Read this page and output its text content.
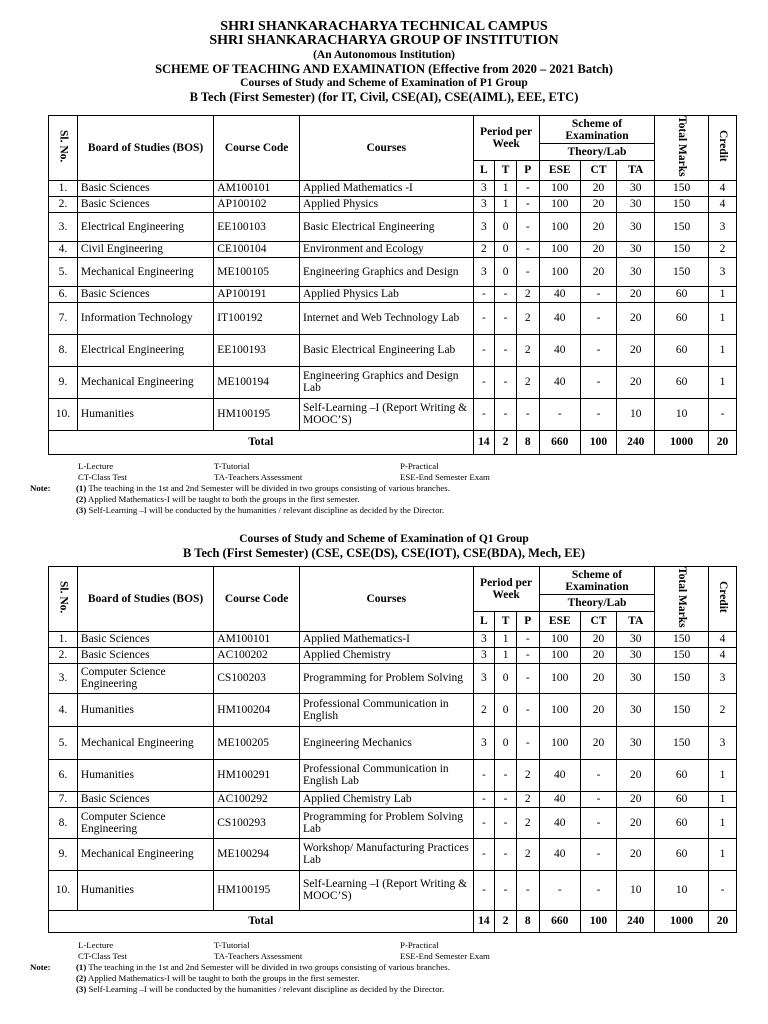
SHRI SHANKARACHARYA TECHNICAL CAMPUS
SHRI SHANKARACHARYA GROUP OF INSTITUTION
(An Autonomous Institution)
SCHEME OF TEACHING AND EXAMINATION (Effective from 2020 – 2021 Batch)
Courses of Study and Scheme of Examination of P1 Group
B Tech (First Semester) (for IT, Civil, CSE(AI), CSE(AIML), EEE, ETC)
Sl. No.	Board of Studies (BOS)	Course Code	Courses	Period per Week			Scheme of Examination			Total Marks	Credit
							Theory/Lab				
				L	T	P	ESE	CT	TA		
1.	Basic Sciences	AM100101	Applied Mathematics -I	3	1	-	100	20	30	150	4
2.	Basic Sciences	AP100102	Applied Physics	3	1	-	100	20	30	150	4
3.	Electrical Engineering	EE100103	Basic Electrical Engineering	3	0	-	100	20	30	150	3
4.	Civil Engineering	CE100104	Environment and Ecology	2	0	-	100	20	30	150	2
5.	Mechanical Engineering	ME100105	Engineering Graphics and Design	3	0	-	100	20	30	150	3
6.	Basic Sciences	AP100191	Applied Physics Lab	-	-	2	40	-	20	60	1
7.	Information Technology	IT100192	Internet and Web Technology Lab	-	-	2	40	-	20	60	1
8.	Electrical Engineering	EE100193	Basic Electrical Engineering Lab	-	-	2	40	-	20	60	1
9.	Mechanical Engineering	ME100194	Engineering Graphics and Design Lab	-	-	2	40	-	20	60	1
10.	Humanities	HM100195	Self-Learning –I (Report Writing & MOOC’S)	-	-	-	-	-	10	10	-
Total				14	2	8	660	100	240	1000	20
L-Lecture	T-Tutorial	P-Practical
CT-Class Test	TA-Teachers Assessment	ESE-End Semester Exam
Note:	(1) The teaching in the 1st and 2nd Semester will be divided in two groups consisting of various branches.
(2) Applied Mathematics-I will be taught to both the groups in the first semester.
(3) Self-Learning –I will be conducted by the humanities / relevant discipline as decided by the Director.
Courses of Study and Scheme of Examination of Q1 Group
B Tech (First Semester) (CSE, CSE(DS), CSE(IOT), CSE(BDA), Mech, EE)
Sl. No.	Board of Studies (BOS)	Course Code	Courses	Period per Week			Scheme of Examination			Total Marks	Credit
							Theory/Lab				
				L	T	P	ESE	CT	TA		
1.	Basic Sciences	AM100101	Applied Mathematics-I	3	1	-	100	20	30	150	4
2.	Basic Sciences	AC100202	Applied Chemistry	3	1	-	100	20	30	150	4
3.	Computer Science Engineering	CS100203	Programming for Problem Solving	3	0	-	100	20	30	150	3
4.	Humanities	HM100204	Professional Communication in English	2	0	-	100	20	30	150	2
5.	Mechanical Engineering	ME100205	Engineering Mechanics	3	0	-	100	20	30	150	3
6.	Humanities	HM100291	Professional Communication in English Lab	-	-	2	40	-	20	60	1
7.	Basic Sciences	AC100292	Applied Chemistry Lab	-	-	2	40	-	20	60	1
8.	Computer Science Engineering	CS100293	Programming for Problem Solving Lab	-	-	2	40	-	20	60	1
9.	Mechanical Engineering	ME100294	Workshop/ Manufacturing Practices Lab	-	-	2	40	-	20	60	1
10.	Humanities	HM100195	Self-Learning –I (Report Writing & MOOC’S)	-	-	-	-	-	10	10	-
Total				14	2	8	660	100	240	1000	20
L-Lecture	T-Tutorial	P-Practical
CT-Class Test	TA-Teachers Assessment	ESE-End Semester Exam
Note:	(1) The teaching in the 1st and 2nd Semester will be divided in two groups consisting of various branches.
(2) Applied Mathematics-I will be taught to both the groups in the first semester.
(3) Self-Learning –I will be conducted by the humanities / relevant discipline as decided by the Director.
